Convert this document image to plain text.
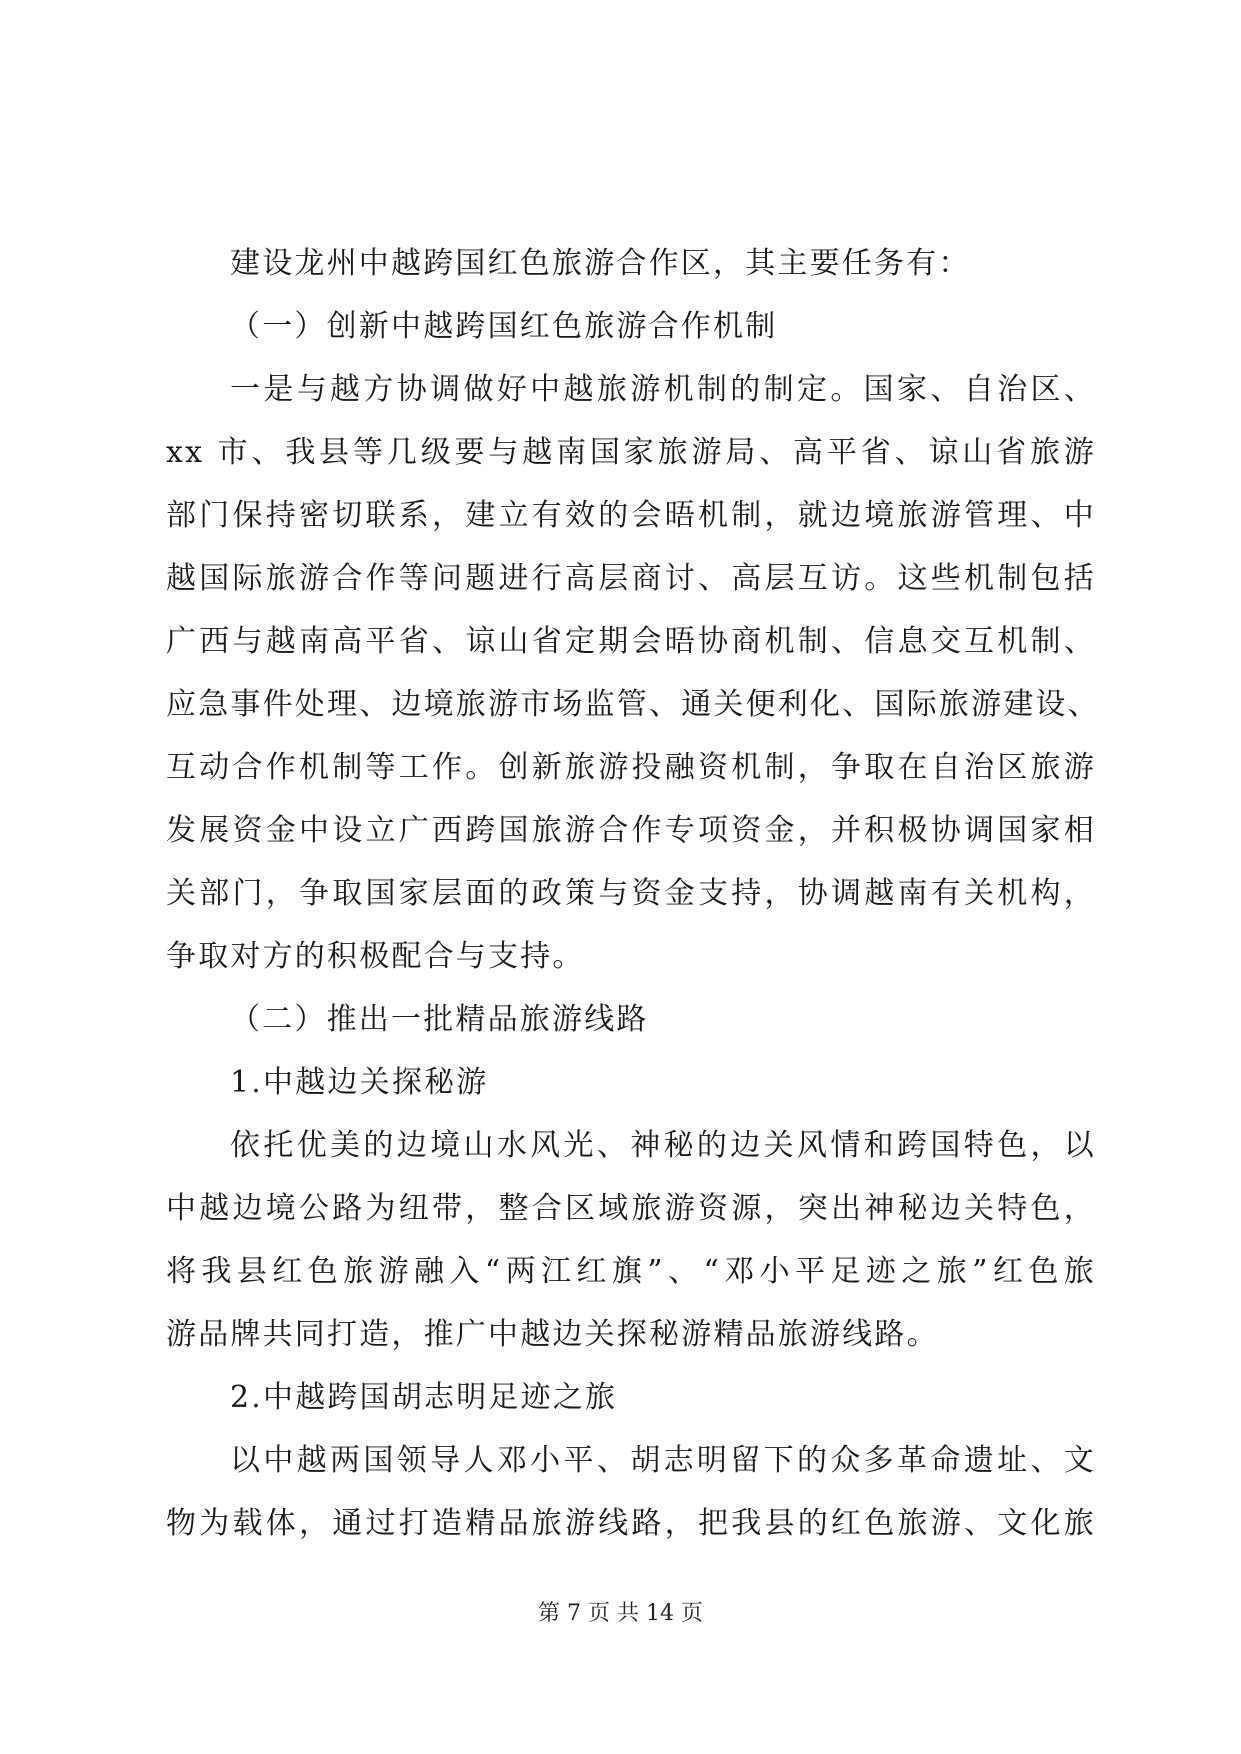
建设龙州中越跨国红色旅游合作区，其主要任务有：
（一）创新中越跨国红色旅游合作机制
一是与越方协调做好中越旅游机制的制定。国家、自治区、
xx 市、我县等几级要与越南国家旅游局、高平省、谅山省旅游
部门保持密切联系，建立有效的会晤机制，就边境旅游管理、中
越国际旅游合作等问题进行高层商讨、高层互访。这些机制包括
广西与越南高平省、谅山省定期会晤协商机制、信息交互机制、
应急事件处理、边境旅游市场监管、通关便利化、国际旅游建设、
互动合作机制等工作。创新旅游投融资机制，争取在自治区旅游
发展资金中设立广西跨国旅游合作专项资金，并积极协调国家相
关部门，争取国家层面的政策与资金支持，协调越南有关机构，
争取对方的积极配合与支持。
（二）推出一批精品旅游线路
1.中越边关探秘游
依托优美的边境山水风光、神秘的边关风情和跨国特色，以
中越边境公路为纽带，整合区域旅游资源，突出神秘边关特色，
将我县红色旅游融入“两江红旗”、“邓小平足迹之旅”红色旅
游品牌共同打造，推广中越边关探秘游精品旅游线路。
2.中越跨国胡志明足迹之旅
以中越两国领导人邓小平、胡志明留下的众多革命遗址、文
物为载体，通过打造精品旅游线路，把我县的红色旅游、文化旅
第 7 页 共 14 页
